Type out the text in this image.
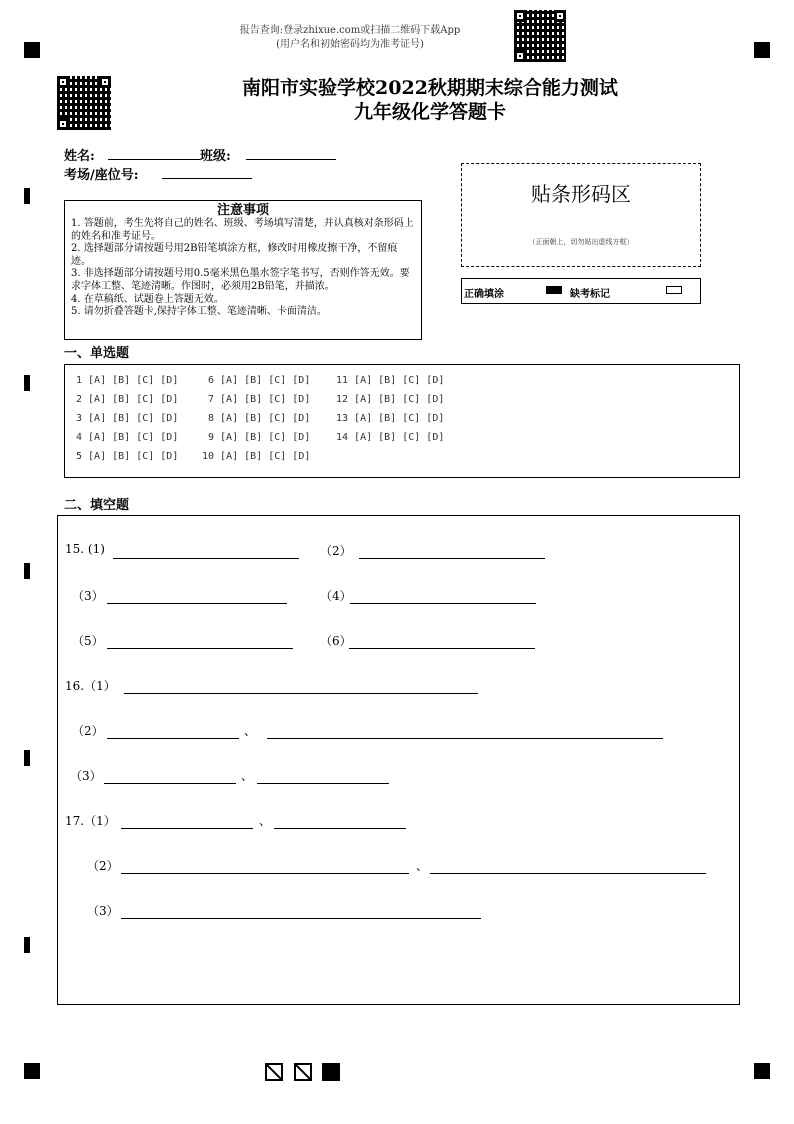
报告查询:登录zhixue.com或扫描二维码下载App
(用户名和初始密码均为准考证号)
南阳市实验学校2022秋期期末综合能力测试
九年级化学答题卡
姓名:	班级:
考场/座位号:
注意事项
1. 答题前，考生先将自己的姓名、班级、考场填写清楚，并认真核对条形码上的姓名和准考证号。
2. 选择题部分请按题号用2B铅笔填涂方框，修改时用橡皮擦干净，不留痕迹。
3. 非选择题部分请按题号用0.5毫米黑色墨水签字笔书写，否则作答无效。要求字体工整、笔迹清晰。作图时，必须用2B铅笔，并描浓。
4. 在草稿纸、试题卷上答题无效。
5. 请勿折叠答题卡,保持字体工整、笔迹清晰、卡面清洁。
贴条形码区
（正面朝上，切勿贴出虚线方框）
正确填涂	缺考标记
一、单选题
1 [A] [B] [C] [D]
2 [A] [B] [C] [D]
3 [A] [B] [C] [D]
4 [A] [B] [C] [D]
5 [A] [B] [C] [D]
6 [A] [B] [C] [D]
7 [A] [B] [C] [D]
8 [A] [B] [C] [D]
9 [A] [B] [C] [D]
10 [A] [B] [C] [D]
11 [A] [B] [C] [D]
12 [A] [B] [C] [D]
13 [A] [B] [C] [D]
14 [A] [B] [C] [D]
二、填空题
15. (1)	（2）
（3）	（4）
（5）	（6）
16.（1）
（2）	、
（3）	、
17.（1）	、
（2）	、
（3）
